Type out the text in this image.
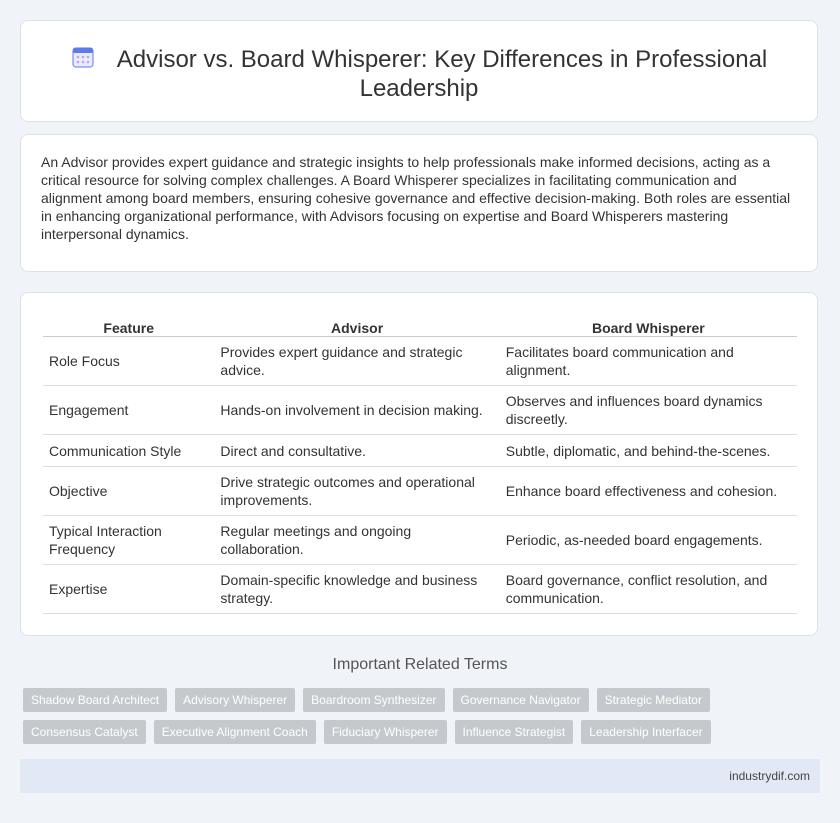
Advisor vs. Board Whisperer: Key Differences in Professional Leadership

An Advisor provides expert guidance and strategic insights to help professionals make informed decisions, acting as a critical resource for solving complex challenges. A Board Whisperer specializes in facilitating communication and alignment among board members, ensuring cohesive governance and effective decision-making. Both roles are essential in enhancing organizational performance, with Advisors focusing on expertise and Board Whisperers mastering interpersonal dynamics.

Feature	Advisor	Board Whisperer
Role Focus	Provides expert guidance and strategic advice.	Facilitates board communication and alignment.
Engagement	Hands-on involvement in decision making.	Observes and influences board dynamics discreetly.
Communication Style	Direct and consultative.	Subtle, diplomatic, and behind-the-scenes.
Objective	Drive strategic outcomes and operational improvements.	Enhance board effectiveness and cohesion.
Typical Interaction Frequency	Regular meetings and ongoing collaboration.	Periodic, as-needed board engagements.
Expertise	Domain-specific knowledge and business strategy.	Board governance, conflict resolution, and communication.
Important Related Terms
Shadow Board Architect	Advisory Whisperer	Boardroom Synthesizer	Governance Navigator	Strategic Mediator
Consensus Catalyst	Executive Alignment Coach	Fiduciary Whisperer	Influence Strategist	Leadership Interfacer
industrydif.com
